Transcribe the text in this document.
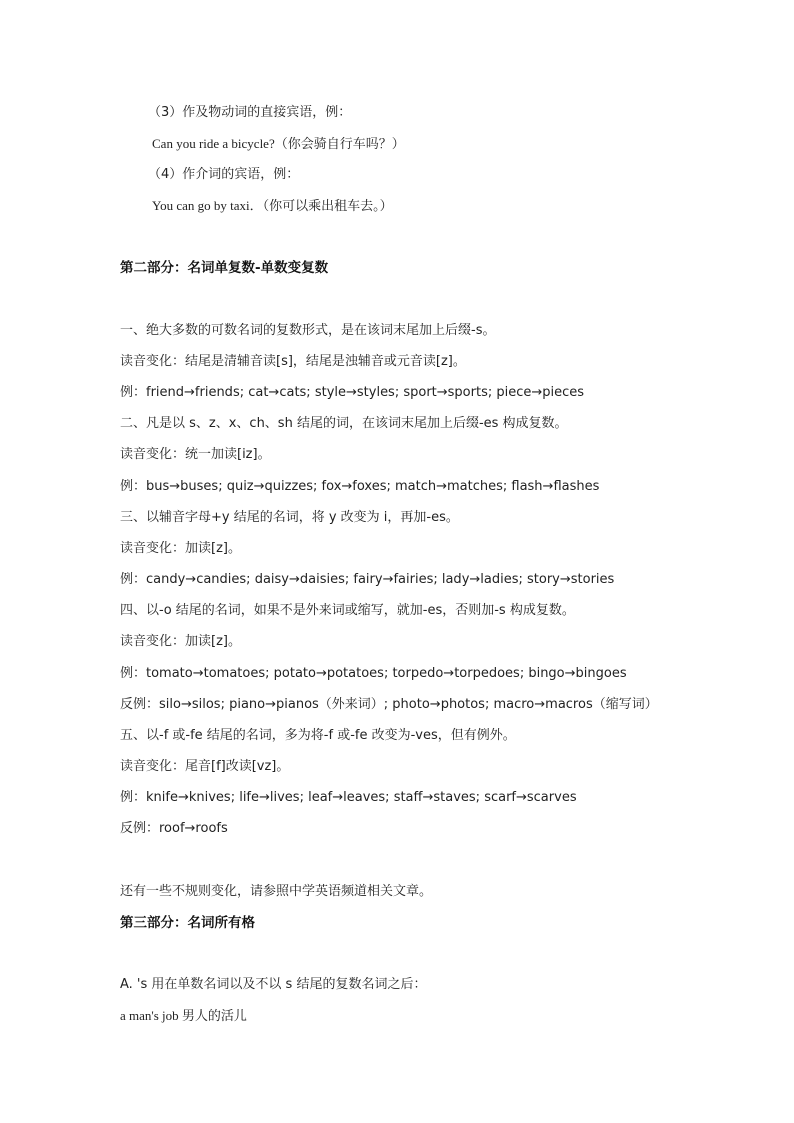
（3）作及物动词的直接宾语，例：
Can you ride a bicycle?（你会骑自行车吗？）
（4）作介词的宾语，例：
You can go by taxi．（你可以乘出租车去。）
第二部分：名词单复数-单数变复数
一、绝大多数的可数名词的复数形式，是在该词末尾加上后缀-s。
读音变化：结尾是清辅音读[s]，结尾是浊辅音或元音读[z]。
例：friend→friends; cat→cats; style→styles; sport→sports; piece→pieces
二、凡是以 s、z、x、ch、sh 结尾的词，在该词末尾加上后缀-es 构成复数。
读音变化：统一加读[iz]。
例：bus→buses; quiz→quizzes; fox→foxes; match→matches; flash→flashes
三、以辅音字母+y 结尾的名词，将 y 改变为 i，再加-es。
读音变化：加读[z]。
例：candy→candies; daisy→daisies; fairy→fairies; lady→ladies; story→stories
四、以-o 结尾的名词，如果不是外来词或缩写，就加-es，否则加-s 构成复数。
读音变化：加读[z]。
例：tomato→tomatoes; potato→potatoes; torpedo→torpedoes; bingo→bingoes
反例：silo→silos; piano→pianos（外来词）; photo→photos; macro→macros（缩写词）
五、以-f 或-fe 结尾的名词，多为将-f 或-fe 改变为-ves，但有例外。
读音变化：尾音[f]改读[vz]。
例：knife→knives; life→lives; leaf→leaves; staff→staves; scarf→scarves
反例：roof→roofs
还有一些不规则变化，请参照中学英语频道相关文章。
第三部分：名词所有格
A. 's 用在单数名词以及不以 s 结尾的复数名词之后：
a man's job 男人的活儿
